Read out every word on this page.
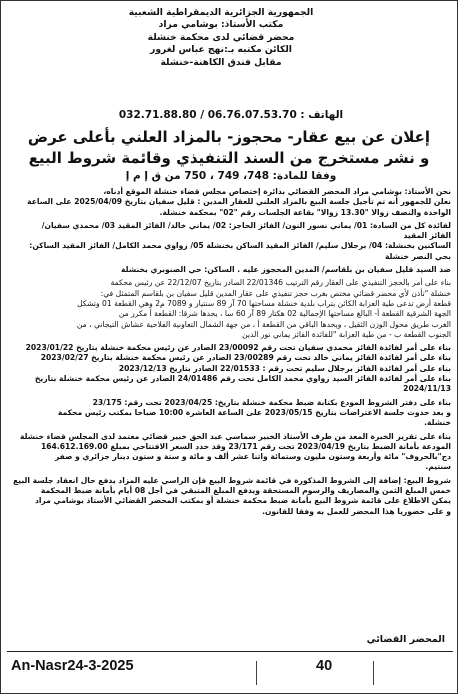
الجمهورية الجزائرية الديمقراطية الشعبية
مكتب الأستاذ: بوشامي مراد
محضر قضائي لدى محكمة خنشلة
الكائن مكتبه بـ:نهج عباس لغرور
مقابل فندق الكاهنة-خنشلة
الهاتف : 06.76.07.53.70 / 032.71.88.80
إعلان عن بيع عقار- محجوز- بالمزاد العلني بأعلى عرض
و نشر مستخرج من السند التنفيذي وقائمة شروط البيع
وفقا للمادة: 748، 749 ، 750 من ق إ م إ
نحن الأستاذ: بوشامي مراد المحضر القضائي بدائرة إختصاص مجلس قضاء خنشلة الموقع أدناه،
نعلن للجمهور أنه تم تأجيل جلسة البيع بالمزاد العلني للعقار المدين : قليل سفيان بتاريخ 2025/04/09 على الساعة
الواحدة والنصف زوالا "13.30 زوالا" بقاعة الجلسات رقم "02" بمحكمة خنشلة.
لفائدة كل من السادة: 01/ يماني نسور النون/ الفائز الحاجز: 02/ يماني خالد/ الفائز المقيد 03/ محمدي سفيان/
الفائز المقيد
الساكنين بخنشلة: 04/ برجلال سليم/ الفائز المقيد الساكن بخنشلة 05/ زواوي محمد الكامل/ الفائز المقيد الساكن:
بحي النصر خنشلة
ضد السيد قليل سفيان بن بلقاسم/ المدين المحجوز عليه . الساكن: حي الصنوبري بخنشلة
بناء على أمر بالحجز التنفيذي على العقار رقم الترتيب 22/01346 الصادر بتاريخ 22/12/07 عن رئيس محكمة
خنشلة "تأذن لأي محضر قضائي مختص بغرب حجز تنفيذي على عقار المدين قليل سفيان بن بلقاسم المتمثل في:
قطعة أرض تدعى طية العزابة الكائن بتراب بلدية خنشلة مساحتها 70 آر 89 سنتيار و 7089 م2 وهي القطعة 01 وتشكل
الجهة الشرقية القطعة أ- البالغ مساحتها الإجمالية 02 هكتار 89 آر 60 سا ، يحدها شرقا: القطعة أ مكرر من
الغرب طريق محول الوزن الثقيل ، ويحدها الباقي من القطعة أ ، من جهة الشمال التعاونية الفلاحية عشاش التيجاني ، من
الجنوب القطعة ب - من طية العزابة "للفائدة الفائز يماني نور الدين
بناء على أمر لفائدة الفائز محمدي سفيان تحت رقم 23/00092 الصادر عن رئيس محكمة خنشلة بتاريخ 2023/01/22
بناء على أمر لفائدة الفائز يماني خالد تحت رقم 23/00289 الصادر عن رئيس محكمة خنشلة بتاريخ 2023/02/27
بناء على أمر لفائدة الفائز برجلال سليم تحت رقم : 22/01533 الصادر بتاريخ 2023/12/13
بناء على أمر لفائدة الفائز السيد زواوي محمد الكامل تحت رقم 24/01486 الصادر عن رئيس محكمة خنشلة بتاريخ
2024/11/13
بناء على دفتر الشروط المودع بكتابة ضبط محكمة خنشلة بتاريخ: 2023/04/25 تحت رقم: 23/175
و بعد حدوث جلسة الاعتراضات بتاريخ 2023/05/15 على الساعة العاشرة 10:00 صباحا بمكتب رئيس محكمة
خنشلة.
بناء على تقرير الخبرة المعد من طرف الأستاذ الخبير سماسي عبد الحق خبير قضائي معتمد لدى المجلس قضاء خنشلة
المودعة بأمانة الضبط بتاريخ 2023/04/19 تحت رقم 23/171 وقد حدد السعر الافتتاحي بمبلغ 164.612.169.00
دج"بالحروف" مائة وأربعة وستون مليون وستمائة واثنا عشر ألف و مائة و ستة و ستون دينار جزائري و صفر
سنتيم.
شروط البيع: إضافة إلى الشروط المذكورة في قائمة شروط البيع فإن الراسي عليه المزاد يدفع حال انعقاد جلسة البيع
خمس المبلغ الثمن والمصاريف والرسوم المستحقة ويدفع المبلغ المتبقي في أجل 08 أيام بأمانة ضبط المحكمة
يمكن الاطلاع على قائمة شروط البيع بأمانة ضبط محكمة خنشلة أو بمكتب المحضر القضائي الأستاذ بوشامي مراد
و على حضوريا هذا المحضر للعمل به وفقا للقانون.
المحضر القضائي
An-Nasr24-3-2025	40
